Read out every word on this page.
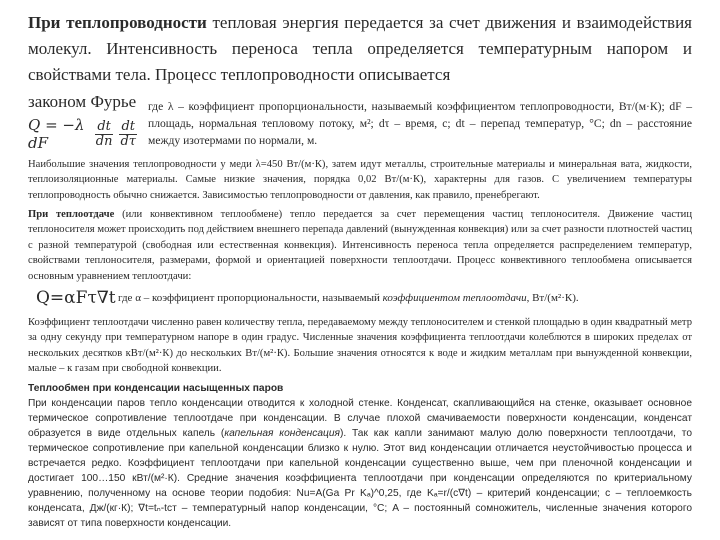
При теплопроводности тепловая энергия передается за счет движения и взаимодействия молекул. Интенсивность переноса тепла определяется температурным напором и свойствами тела. Процесс теплопроводности описывается

законом Фурье
Q = −λ dF	$\frac{dt}{dn} \frac{dt}{d\tau}$

где λ – коэффициент пропорциональности, называемый коэффициентом теплопроводности, Вт/(м·К); dF – площадь, нормальная тепловому потоку, м²; dτ – время, с; dt – перепад температур, °С; dn – расстояние между изотермами по нормали, м.

Наибольшие значения теплопроводности у меди λ=450 Вт/(м·К), затем идут металлы, строительные материалы и минеральная вата, жидкости, теплоизоляционные материалы. Самые низкие значения, порядка 0,02 Вт/(м·К), характерны для газов. С увеличением температуры теплопроводность обычно снижается. Зависимостью теплопроводности от давления, как правило, пренебрегают.

При теплоотдаче (или конвективном теплообмене) тепло передается за счет перемещения частиц теплоносителя. Движение частиц теплоносителя может происходить под действием внешнего перепада давлений (вынужденная конвекция) или за счет разности плотностей частиц с разной температурой (свободная или естественная конвекция). Интенсивность переноса тепла определяется распределением температур, свойствами теплоносителя, размерами, формой и ориентацией поверхности теплоотдачи. Процесс конвективного теплообмена описывается основным уравнением теплоотдачи:

Q=αFτ∇t где α – коэффициент пропорциональности, называемый коэффициентом теплоотдачи, Вт/(м²·К).

Коэффициент теплоотдачи численно равен количеству тепла, передаваемому между теплоносителем и стенкой площадью в один квадратный метр за одну секунду при температурном напоре в один градус. Численные значения коэффициента теплоотдачи колеблются в широких пределах от нескольких десятков кВт/(м²·К) до нескольких Вт/(м²·К). Большие значения относятся к воде и жидким металлам при вынужденной конвекции, малые – к газам при свободной конвекции.

Теплообмен при конденсации насыщенных паров
При конденсации паров тепло конденсации отводится к холодной стенке. Конденсат, скапливающийся на стенке, оказывает основное термическое сопротивление теплоотдаче при конденсации. В случае плохой смачиваемости поверхности конденсации, конденсат образуется в виде отдельных капель (капельная конденсация). Так как капли занимают малую долю поверхности теплоотдачи, то термическое сопротивление при капельной конденсации близко к нулю. Этот вид конденсации отличается неустойчивостью процесса и встречается редко. Коэффициент теплоотдачи при капельной конденсации существенно выше, чем при пленочной конденсации и достигает 100…150 кВт/(м²·К). Средние значения коэффициента теплоотдачи при конденсации определяются по критериальному уравнению, полученному на основе теории подобия: Nu=A(Ga Pr Kₐ)^0,25, где Kₐ=r/(c∇t) – критерий конденсации; c – теплоемкость конденсата, Дж/(кг·К); ∇t=tₙ-tст – температурный напор конденсации, °С; A – постоянный сомножитель, численные значения которого зависят от типа поверхности конденсации.
